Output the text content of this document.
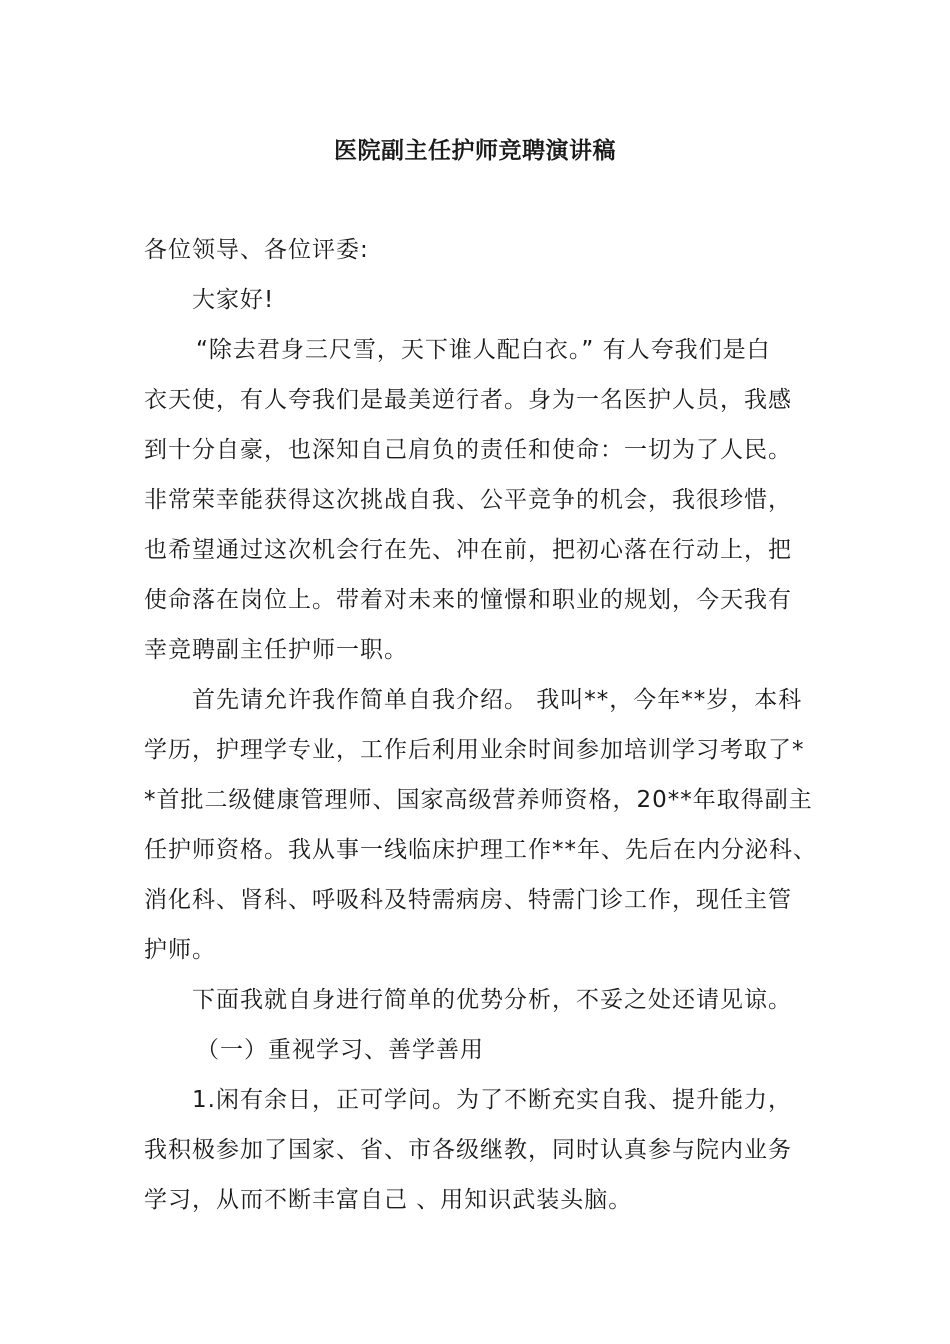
医院副主任护师竞聘演讲稿
各位领导、各位评委:
大家好!
“除去君身三尺雪，天下谁人配白衣。” 有人夸我们是白
衣天使，有人夸我们是最美逆行者。身为一名医护人员，我感
到十分自豪，也深知自己肩负的责任和使命：一切为了人民。
非常荣幸能获得这次挑战自我、公平竞争的机会，我很珍惜，
也希望通过这次机会行在先、冲在前，把初心落在行动上，把
使命落在岗位上。带着对未来的憧憬和职业的规划，今天我有
幸竞聘副主任护师一职。
首先请允许我作简单自我介绍。 我叫**，今年**岁，本科
学历，护理学专业，工作后利用业余时间参加培训学习考取了*
*首批二级健康管理师、国家高级营养师资格，20**年取得副主
任护师资格。我从事一线临床护理工作**年、先后在内分泌科、
消化科、肾科、呼吸科及特需病房、特需门诊工作，现任主管
护师。
下面我就自身进行简单的优势分析，不妥之处还请见谅。
（一）重视学习、善学善用
1.闲有余日，正可学问。为了不断充实自我、提升能力，
我积极参加了国家、省、市各级继教，同时认真参与院内业务
学习，从而不断丰富自己 、用知识武装头脑。
